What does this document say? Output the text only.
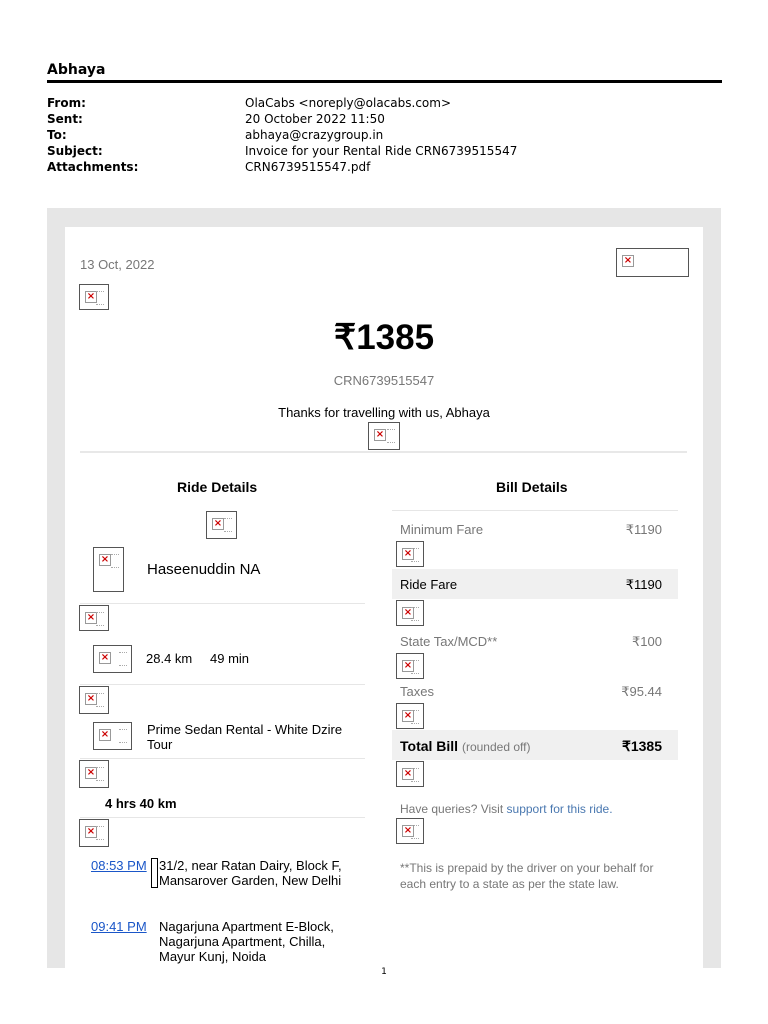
Abhaya
From:	OlaCabs <noreply@olacabs.com>
Sent:	20 October 2022 11:50
To:	abhaya@crazygroup.in
Subject:	Invoice for your Rental Ride CRN6739515547
Attachments:	CRN6739515547.pdf
13 Oct, 2022	×
×
₹1385
CRN6739515547
Thanks for travelling with us, Abhaya
×
Ride Details
×
×
Haseenuddin NA
×
×	28.4 km 49 min
×
×	Prime Sedan Rental - White Dzire Tour
×
4 hrs 40 km
×
08:53 PM 31/2, near Ratan Dairy, Block F, Mansarover Garden, New Delhi
09:41 PM Nagarjuna Apartment E-Block, Nagarjuna Apartment, Chilla, Mayur Kunj, Noida
Bill Details
Minimum Fare	₹1190
×
Ride Fare	₹1190
×
State Tax/MCD**	₹100
×
Taxes	₹95.44
×
Total Bill (rounded off)	₹1385
×
Have queries? Visit support for this ride.
×
**This is prepaid by the driver on your behalf for each entry to a state as per the state law.
1
